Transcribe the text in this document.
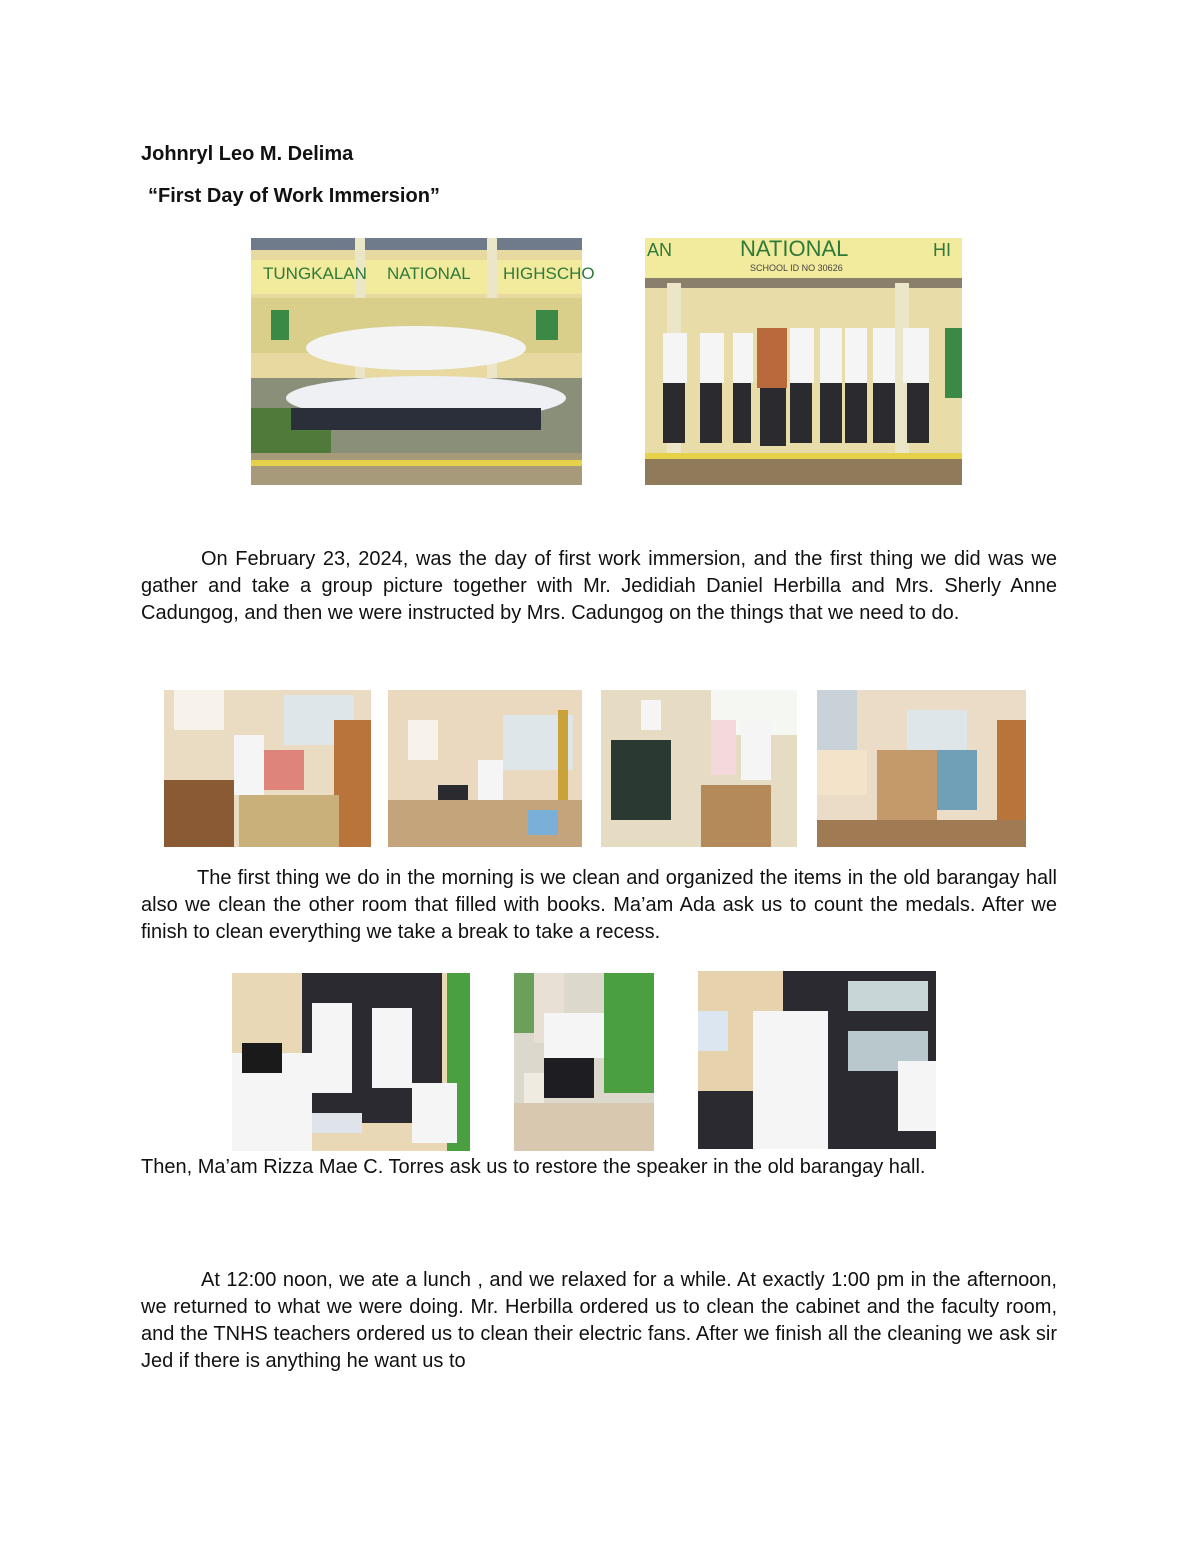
Johnryl Leo M. Delima
“First Day of Work Immersion”
TUNGKALAN NATIONAL HIGHSCHO
AN	NATIONAL	HI
SCHOOL ID NO 30626

On February 23, 2024, was the day of first work immersion, and the first thing we did was we gather and take a group picture together with Mr. Jedidiah Daniel Herbilla and Mrs. Sherly Anne Cadungog, and then we were instructed by Mrs. Cadungog on the things that we need to do.

The first thing we do in the morning is we clean and organized the items in the old barangay hall also we clean the other room that filled with books. Ma’am Ada ask us to count the medals. After we finish to clean everything we take a break to take a recess.

Then, Ma’am Rizza Mae C. Torres ask us to restore the speaker in the old barangay hall.

At 12:00 noon, we ate a lunch , and we relaxed for a while. At exactly 1:00 pm in the afternoon, we returned to what we were doing. Mr. Herbilla ordered us to clean the cabinet and the faculty room, and the TNHS teachers ordered us to clean their electric fans. After we finish all the cleaning we ask sir Jed if there is anything he want us to
